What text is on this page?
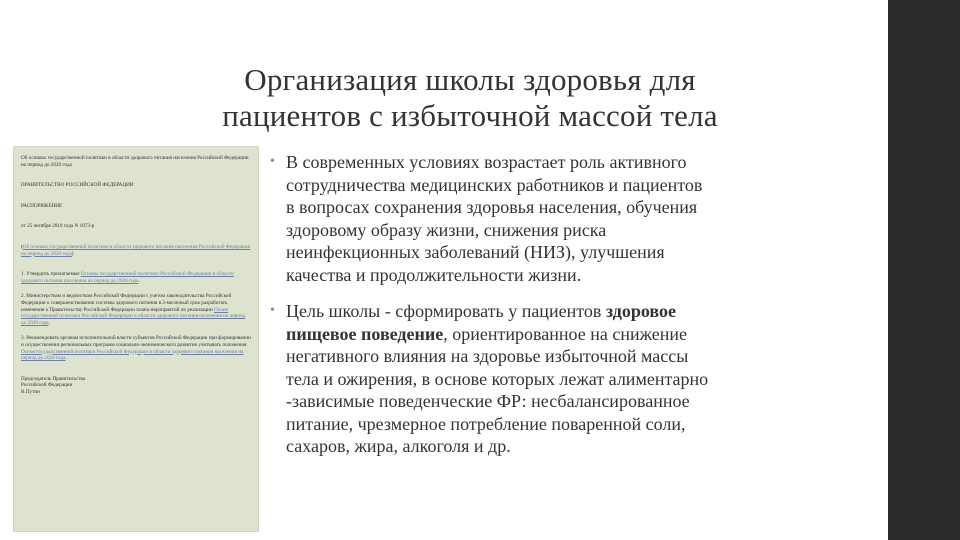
Организация школы здоровья для
пациентов с избыточной массой тела

Об основах государственной политики в области здорового питания населения Российской Федерации на период до 2020 года

ПРАВИТЕЛЬСТВО РОССИЙСКОЙ ФЕДЕРАЦИИ

РАСПОРЯЖЕНИЕ

от 25 октября 2010 года N 1873-р

(Об основах государственной политики в области здорового питания населения Российской Федерации на период до 2020 года)

1. Утвердить прилагаемые Основы государственной политики Российской Федерации в области здорового питания населения на период до 2020 года.

2. Министерствам и ведомствам Российской Федерации с учетом законодательства Российской Федерации о совершенствовании системы здорового питания в 3-месячный срок разработать изменения к Правительству Российской Федерации плана мероприятий по реализации Основ государственной политики Российской Федерации в области здорового питания населения на период до 2020 года.

3. Рекомендовать органам исполнительной власти субъектов Российской Федерации при формировании и осуществлении региональных программ социально-экономического развития учитывать положения Основ государственной политики Российской Федерации в области здорового питания населения на период до 2020 года.

Председатель Правительства
Российской Федерации
В.Путин

• В современных условиях возрастает роль активного
сотрудничества медицинских работников и пациентов
в вопросах сохранения здоровья населения, обучения
здоровому образу жизни, снижения риска
неинфекционных заболеваний (НИЗ), улучшения
качества и продолжительности жизни.
• Цель школы - сформировать у пациентов здоровое
пищевое поведение, ориентированное на снижение
негативного влияния на здоровье избыточной массы
тела и ожирения, в основе которых лежат алиментарно
-зависимые поведенческие ФР: несбалансированное
питание, чрезмерное потребление поваренной соли,
сахаров, жира, алкоголя и др.
